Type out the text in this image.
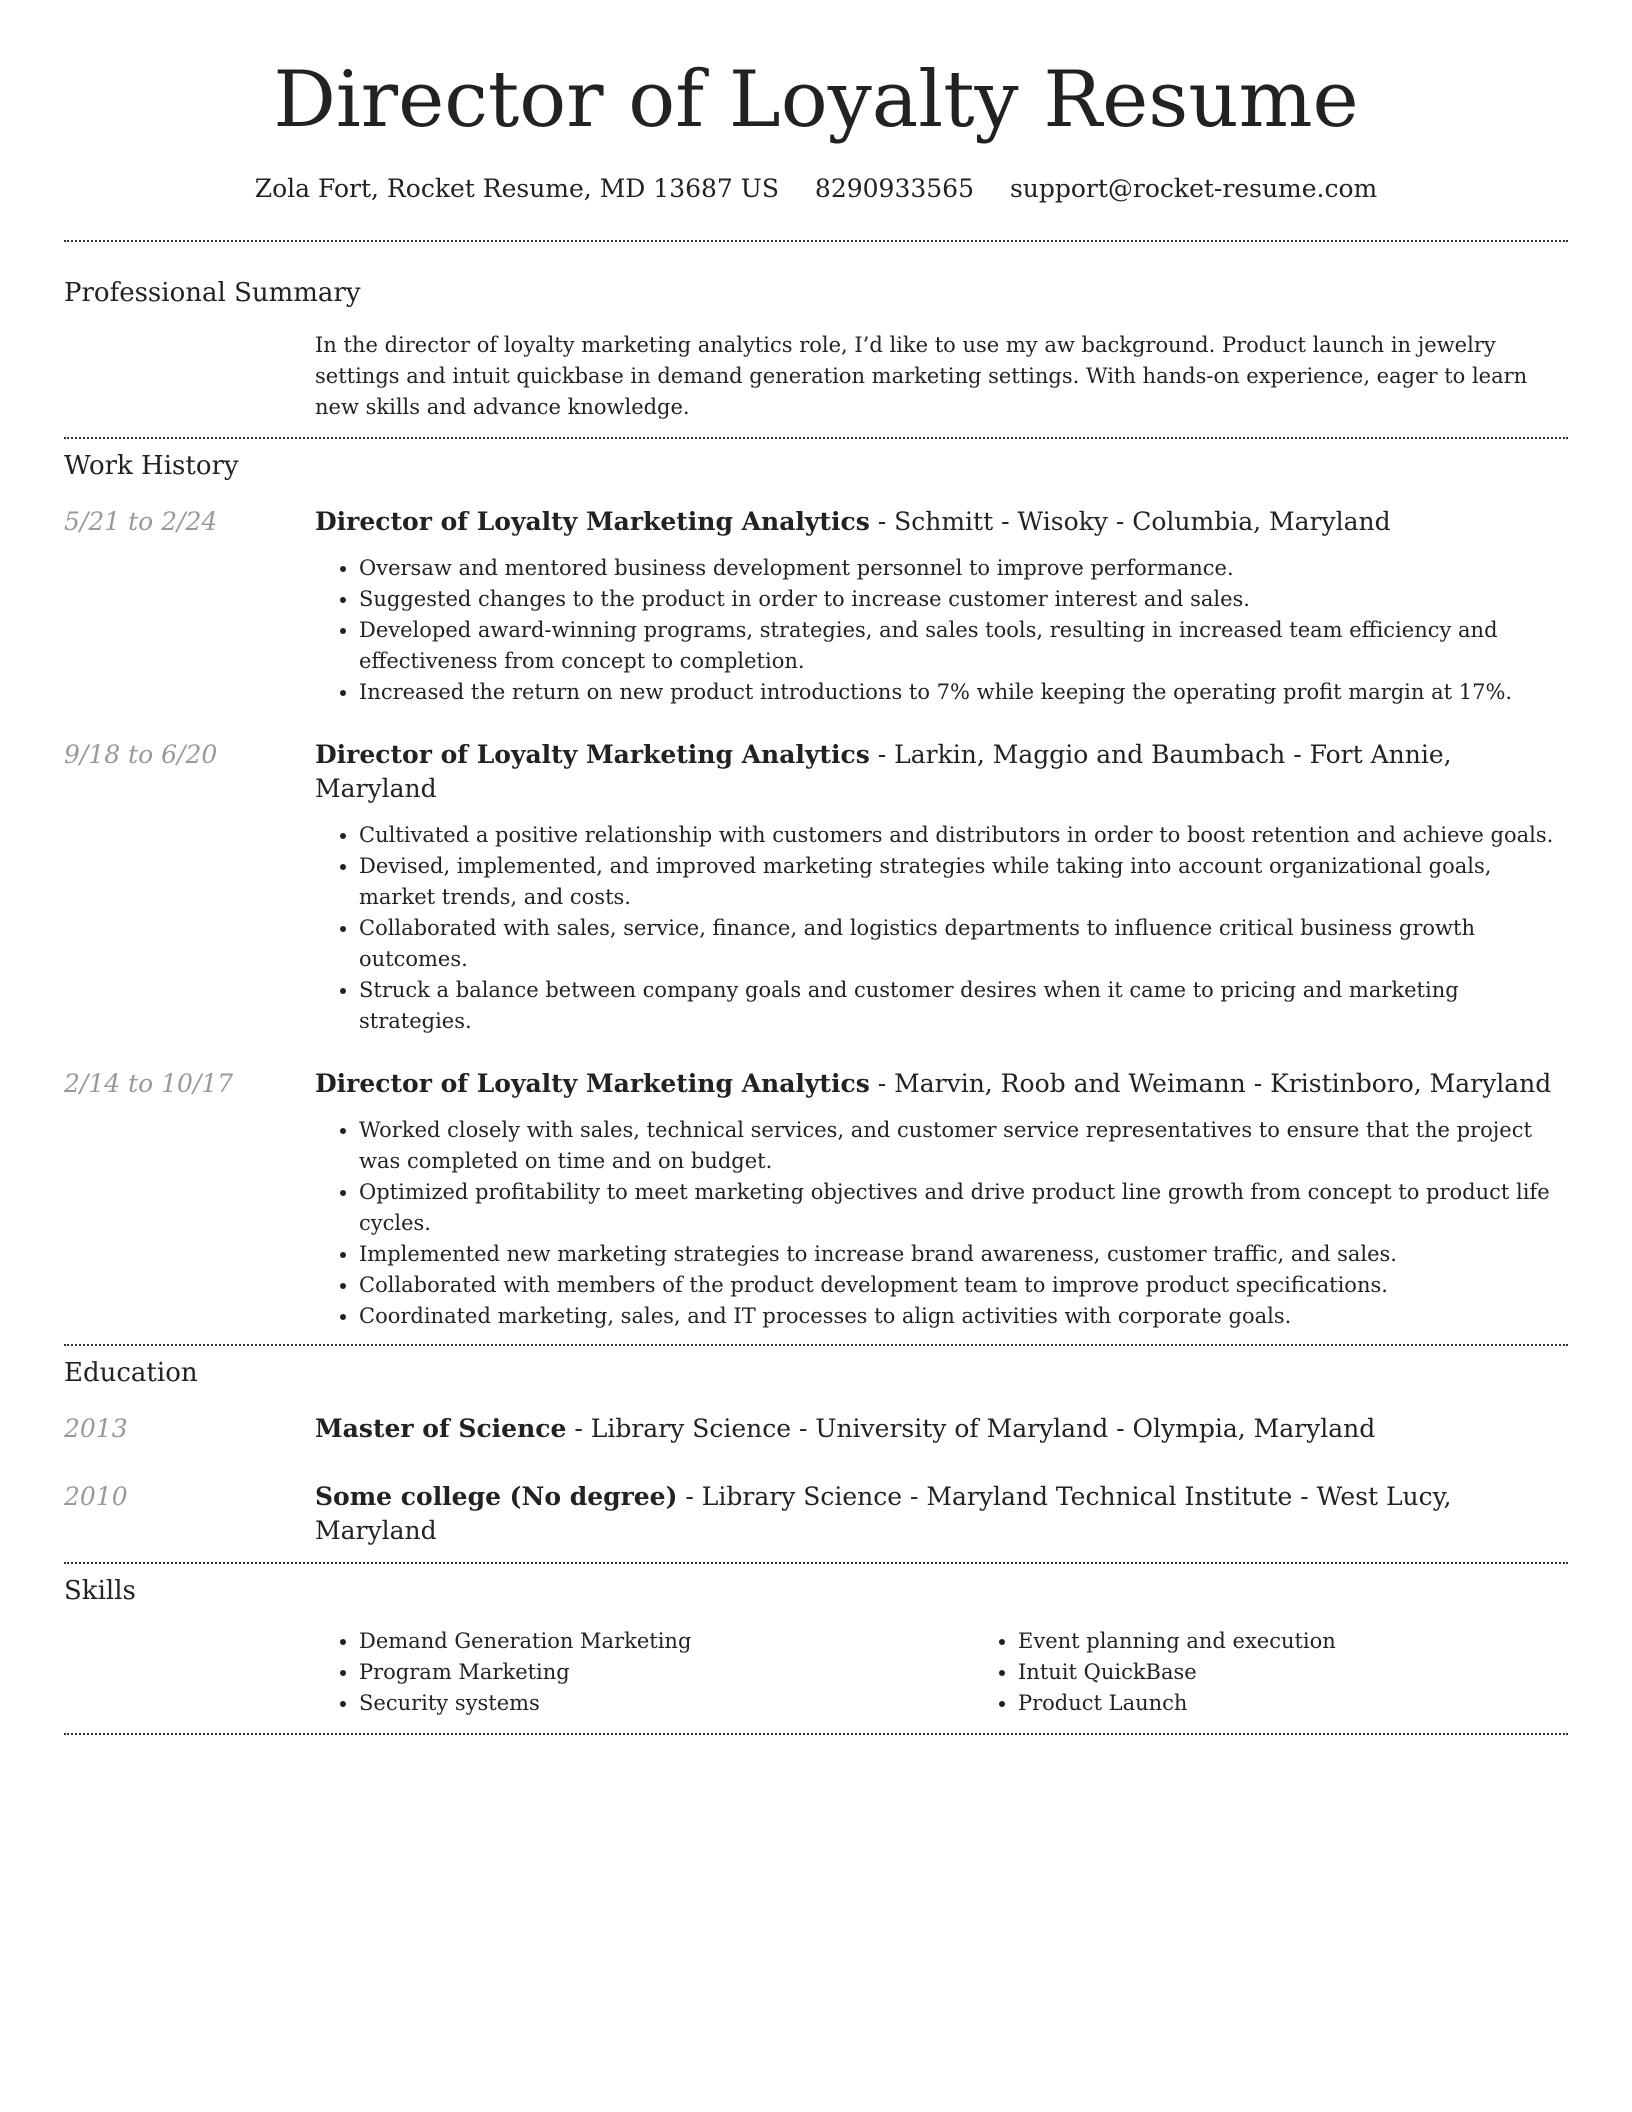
Director of Loyalty Resume
Zola Fort, Rocket Resume, MD 13687 US 8290933565 support@rocket-resume.com
Professional Summary

In the director of loyalty marketing analytics role, I’d like to use my aw background. Product launch in jewelry settings and intuit quickbase in demand generation marketing settings. With hands-on experience, eager to learn new skills and advance knowledge.

Work History
5/21 to 2/24	Director of Loyalty Marketing Analytics - Schmitt - Wisoky - Columbia, Maryland
• Oversaw and mentored business development personnel to improve performance.
• Suggested changes to the product in order to increase customer interest and sales.
• Developed award-winning programs, strategies, and sales tools, resulting in increased team efficiency and effectiveness from concept to completion.
• Increased the return on new product introductions to 7% while keeping the operating profit margin at 17%.
9/18 to 6/20	Director of Loyalty Marketing Analytics - Larkin, Maggio and Baumbach - Fort Annie, Maryland
• Cultivated a positive relationship with customers and distributors in order to boost retention and achieve goals.
• Devised, implemented, and improved marketing strategies while taking into account organizational goals, market trends, and costs.
• Collaborated with sales, service, finance, and logistics departments to influence critical business growth outcomes.
• Struck a balance between company goals and customer desires when it came to pricing and marketing strategies.
2/14 to 10/17	Director of Loyalty Marketing Analytics - Marvin, Roob and Weimann - Kristinboro, Maryland
• Worked closely with sales, technical services, and customer service representatives to ensure that the project was completed on time and on budget.
• Optimized profitability to meet marketing objectives and drive product line growth from concept to product life cycles.
• Implemented new marketing strategies to increase brand awareness, customer traffic, and sales.
• Collaborated with members of the product development team to improve product specifications.
• Coordinated marketing, sales, and IT processes to align activities with corporate goals.
Education
2013	Master of Science - Library Science - University of Maryland - Olympia, Maryland
2010	Some college (No degree) - Library Science - Maryland Technical Institute - West Lucy, Maryland
Skills
• Demand Generation Marketing
• Program Marketing
• Security systems
• Event planning and execution
• Intuit QuickBase
• Product Launch
